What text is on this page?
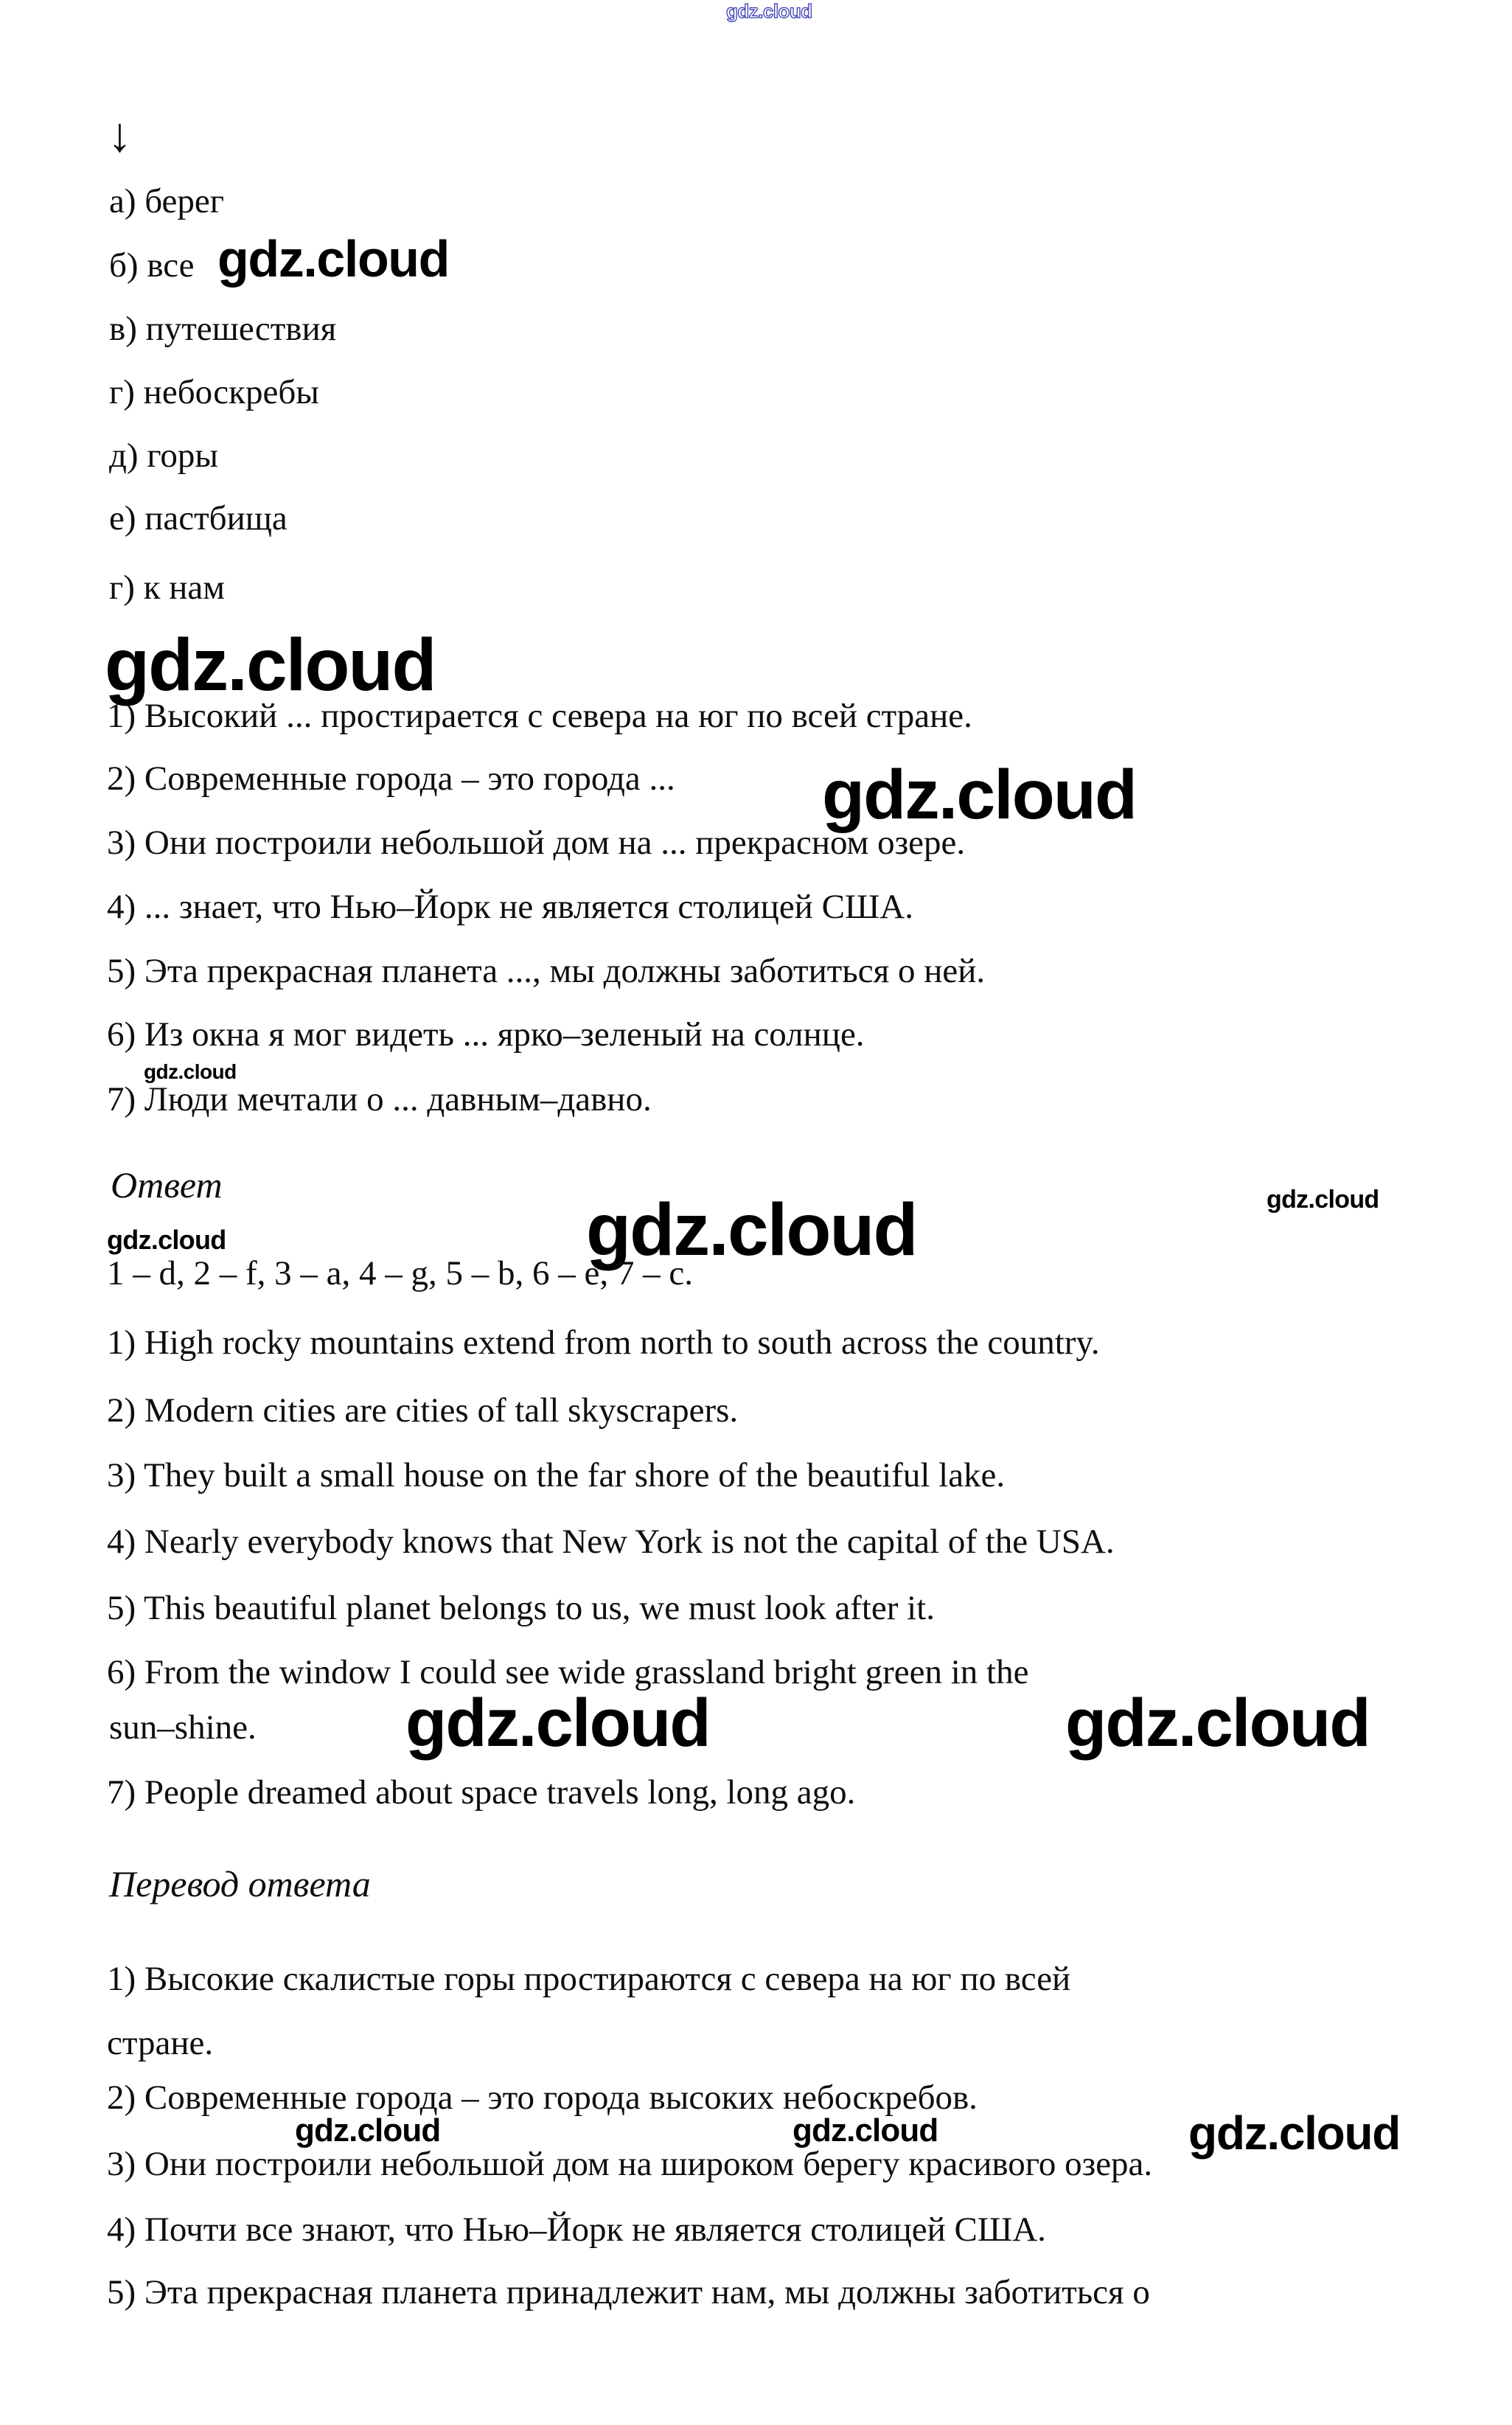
gdz.cloud
↓
а) берег
б) все gdz.cloud
в) путешествия
г) небоскребы
д) горы
е) пастбища
г) к нам
gdz.cloud
1) Высокий ... простирается с севера на юг по всей стране.
2) Современные города – это города ... gdz.cloud
3) Они построили небольшой дом на ... прекрасном озере.
4) ... знает, что Нью–Йорк не является столицей США.
5) Эта прекрасная планета ..., мы должны заботиться о ней.
6) Из окна я мог видеть ... ярко–зеленый на солнце.
gdz.cloud
7) Люди мечтали о ... давным–давно.
Ответ
gdz.cloud	gdz.cloud
gdz.cloud
1 – d, 2 – f, 3 – a, 4 – g, 5 – b, 6 – e, 7 – c.
1) High rocky mountains extend from north to south across the country.
2) Modern cities are cities of tall skyscrapers.
3) They built a small house on the far shore of the beautiful lake.
4) Nearly everybody knows that New York is not the capital of the USA.
5) This beautiful planet belongs to us, we must look after it.
6) From the window I could see wide grassland bright green in the
gdz.cloud	gdz.cloud
sun–shine.
7) People dreamed about space travels long, long ago.
Перевод ответа
1) Высокие скалистые горы простираются с севера на юг по всей
стране.
2) Современные города – это города высоких небоскребов.
gdz.cloud	gdz.cloud	gdz.cloud
3) Они построили небольшой дом на широком берегу красивого озера.
4) Почти все знают, что Нью–Йорк не является столицей США.
5) Эта прекрасная планета принадлежит нам, мы должны заботиться о
